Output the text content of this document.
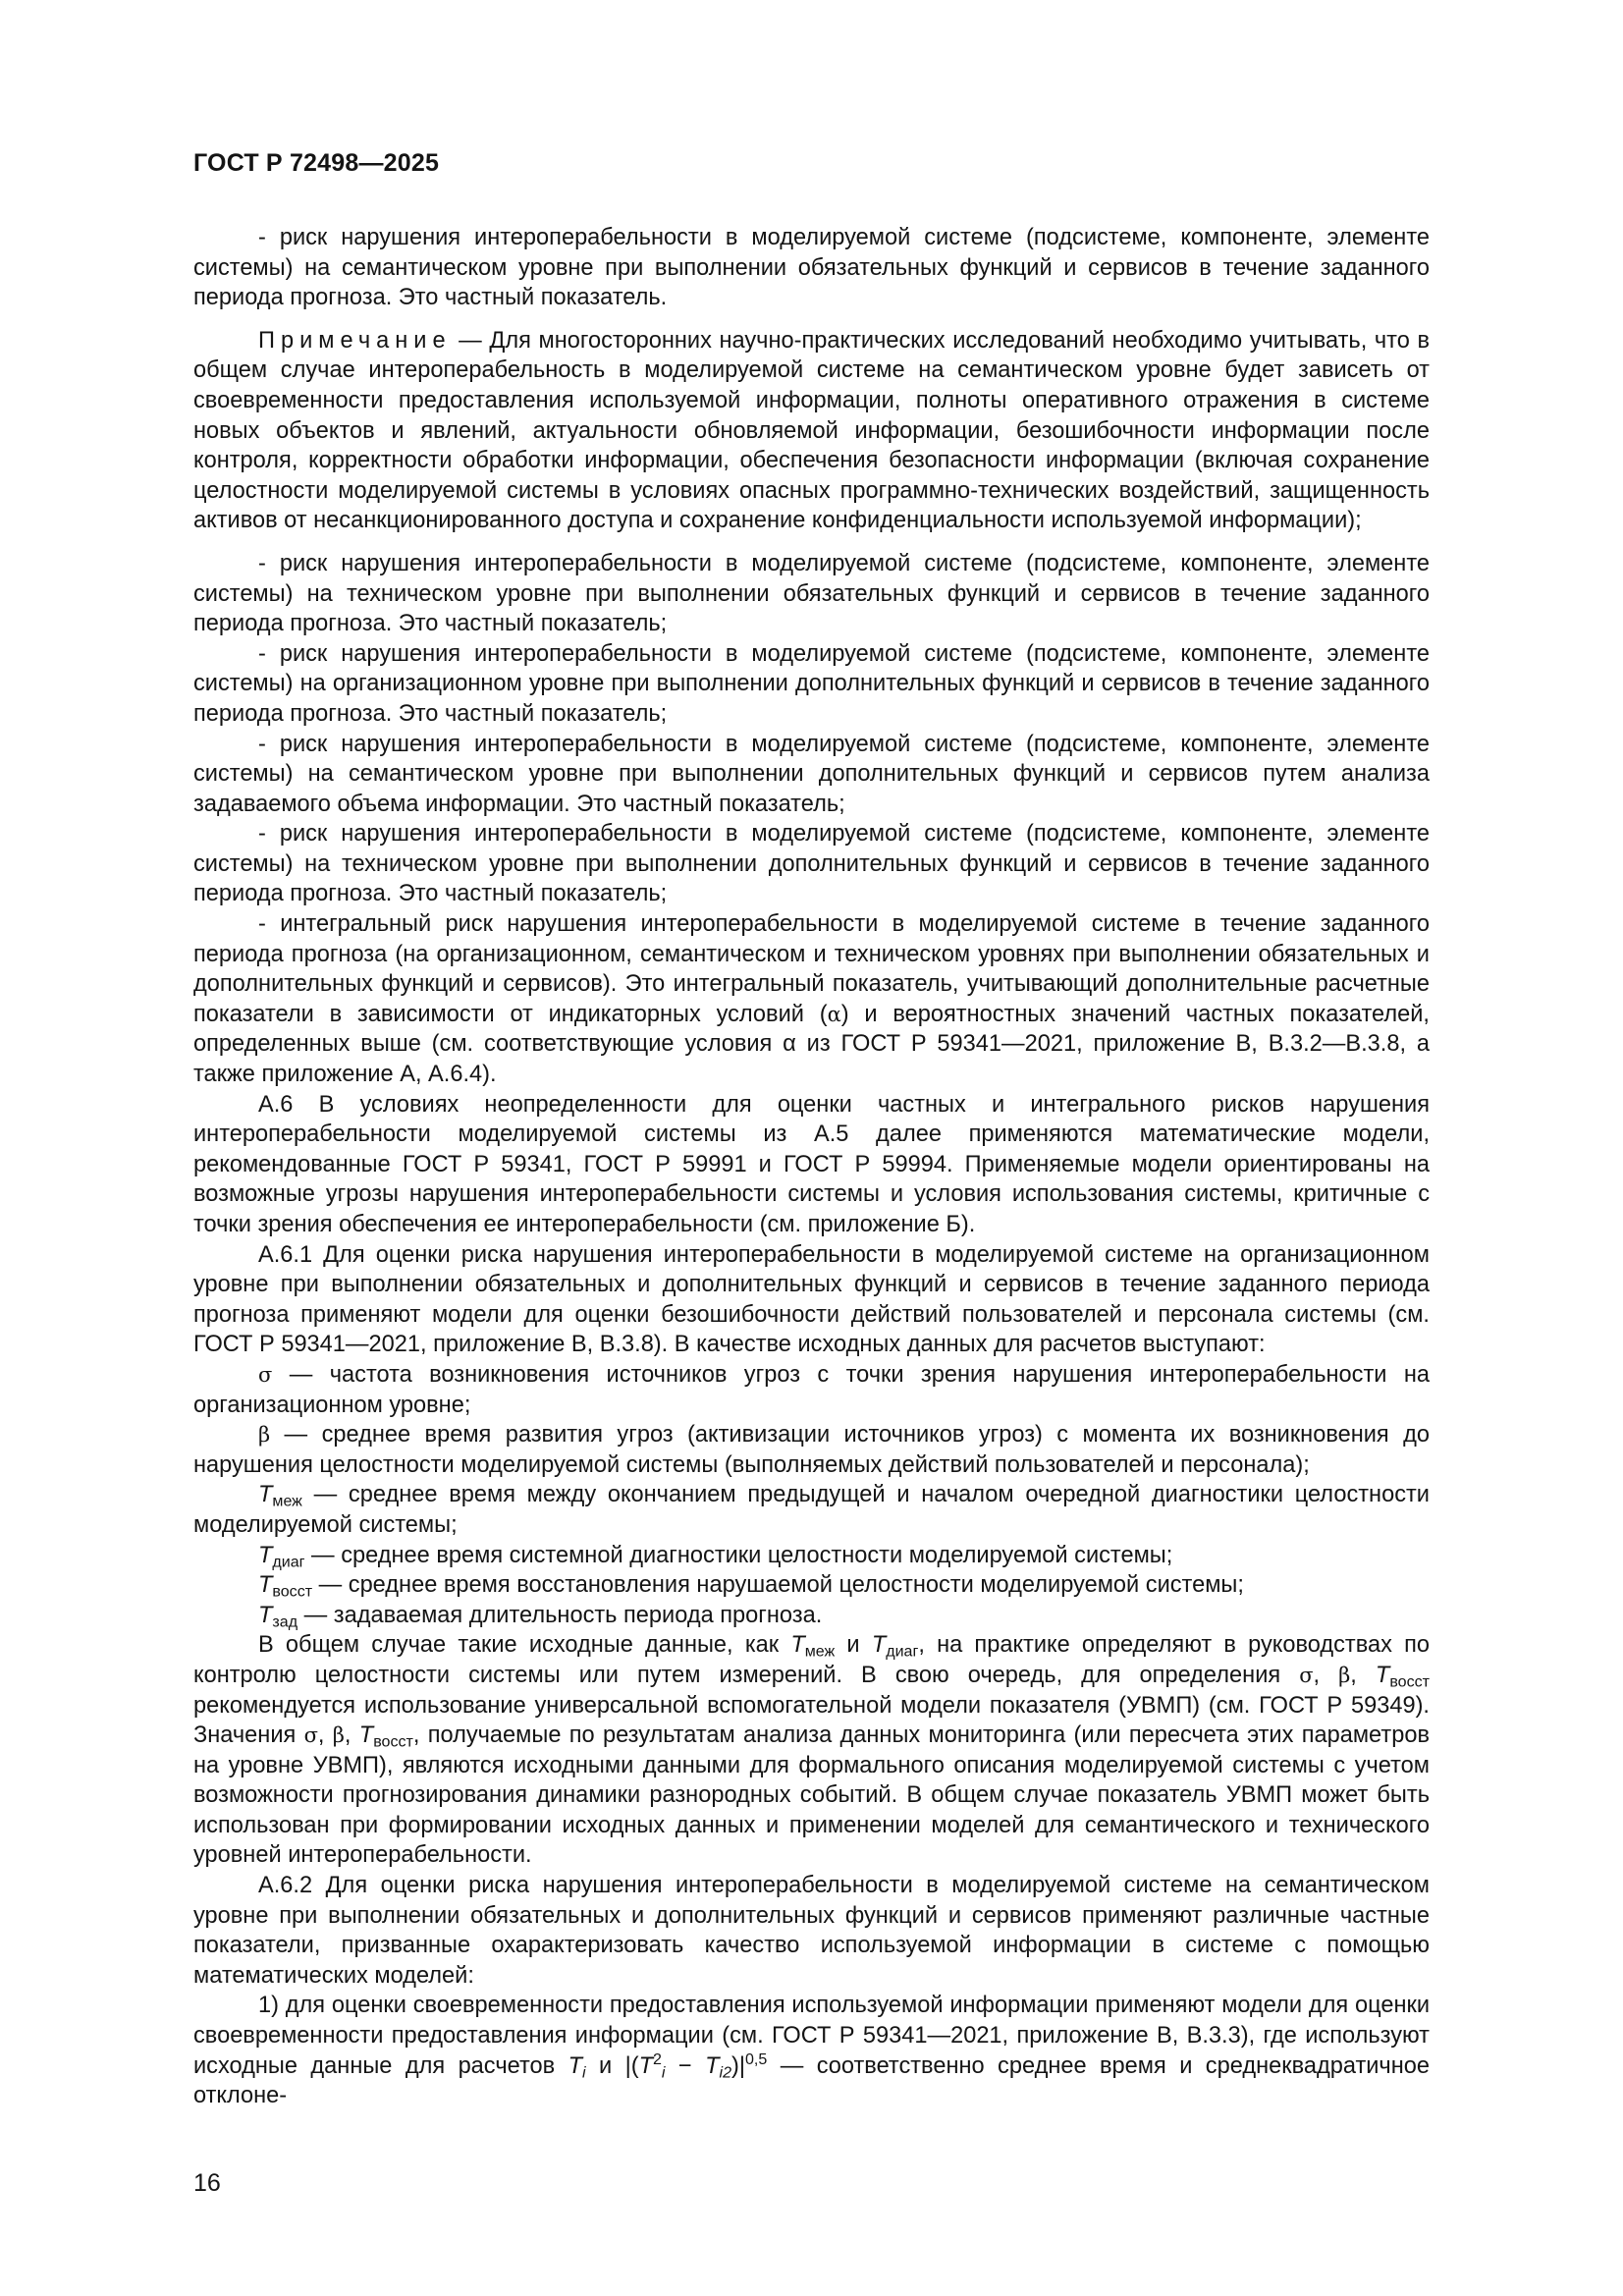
ГОСТ Р 72498—2025

- риск нарушения интероперабельности в моделируемой системе (подсистеме, компоненте, элементе системы) на семантическом уровне при выполнении обязательных функций и сервисов в течение заданного периода прогноза. Это частный показатель.

Примечание — Для многосторонних научно-практических исследований необходимо учитывать, что в общем случае интероперабельность в моделируемой системе на семантическом уровне будет зависеть от своевременности предоставления используемой информации, полноты оперативного отражения в системе новых объектов и явлений, актуальности обновляемой информации, безошибочности информации после контроля, корректности обработки информации, обеспечения безопасности информации (включая сохранение целостности моделируемой системы в условиях опасных программно-технических воздействий, защищенность активов от несанкционированного доступа и сохранение конфиденциальности используемой информации);

- риск нарушения интероперабельности в моделируемой системе (подсистеме, компоненте, элементе системы) на техническом уровне при выполнении обязательных функций и сервисов в течение заданного периода прогноза. Это частный показатель;

- риск нарушения интероперабельности в моделируемой системе (подсистеме, компоненте, элементе системы) на организационном уровне при выполнении дополнительных функций и сервисов в течение заданного периода прогноза. Это частный показатель;

- риск нарушения интероперабельности в моделируемой системе (подсистеме, компоненте, элементе системы) на семантическом уровне при выполнении дополнительных функций и сервисов путем анализа задаваемого объема информации. Это частный показатель;

- риск нарушения интероперабельности в моделируемой системе (подсистеме, компоненте, элементе системы) на техническом уровне при выполнении дополнительных функций и сервисов в течение заданного периода прогноза. Это частный показатель;

- интегральный риск нарушения интероперабельности в моделируемой системе в течение заданного периода прогноза (на организационном, семантическом и техническом уровнях при выполнении обязательных и дополнительных функций и сервисов). Это интегральный показатель, учитывающий дополнительные расчетные показатели в зависимости от индикаторных условий (α) и вероятностных значений частных показателей, определенных выше (см. соответствующие условия α из ГОСТ Р 59341—2021, приложение В, В.3.2—В.3.8, а также приложение А, А.6.4).

А.6 В условиях неопределенности для оценки частных и интегрального рисков нарушения интероперабельности моделируемой системы из А.5 далее применяются математические модели, рекомендованные ГОСТ Р 59341, ГОСТ Р 59991 и ГОСТ Р 59994. Применяемые модели ориентированы на возможные угрозы нарушения интероперабельности системы и условия использования системы, критичные с точки зрения обеспечения ее интероперабельности (см. приложение Б).

А.6.1 Для оценки риска нарушения интероперабельности в моделируемой системе на организационном уровне при выполнении обязательных и дополнительных функций и сервисов в течение заданного периода прогноза применяют модели для оценки безошибочности действий пользователей и персонала системы (см. ГОСТ Р 59341—2021, приложение В, В.3.8). В качестве исходных данных для расчетов выступают:

σ — частота возникновения источников угроз с точки зрения нарушения интероперабельности на организационном уровне;

β — среднее время развития угроз (активизации источников угроз) с момента их возникновения до нарушения целостности моделируемой системы (выполняемых действий пользователей и персонала);

$T_{меж}$ — среднее время между окончанием предыдущей и началом очередной диагностики целостности моделируемой системы;

$T_{диаг}$ — среднее время системной диагностики целостности моделируемой системы;

$T_{восст}$ — среднее время восстановления нарушаемой целостности моделируемой системы;

$T_{зад}$ — задаваемая длительность периода прогноза.

В общем случае такие исходные данные, как $T_{меж}$ и $T_{диаг}$, на практике определяют в руководствах по контролю целостности системы или путем измерений. В свою очередь, для определения σ, β, $T_{восст}$ рекомендуется использование универсальной вспомогательной модели показателя (УВМП) (см. ГОСТ Р 59349). Значения σ, β, $T_{восст}$, получаемые по результатам анализа данных мониторинга (или пересчета этих параметров на уровне УВМП), являются исходными данными для формального описания моделируемой системы с учетом возможности прогнозирования динамики разнородных событий. В общем случае показатель УВМП может быть использован при формировании исходных данных и применении моделей для семантического и технического уровней интероперабельности.

А.6.2 Для оценки риска нарушения интероперабельности в моделируемой системе на семантическом уровне при выполнении обязательных и дополнительных функций и сервисов применяют различные частные показатели, призванные охарактеризовать качество используемой информации в системе с помощью математических моделей:

1) для оценки своевременности предоставления используемой информации применяют модели для оценки своевременности предоставления информации (см. ГОСТ Р 59341—2021, приложение В, В.3.3), где используют исходные данные для расчетов $T_i$ и $|(T^2_i - T_{i2})|^{0,5}$ — соответственно среднее время и среднеквадратичное отклоне-

16
